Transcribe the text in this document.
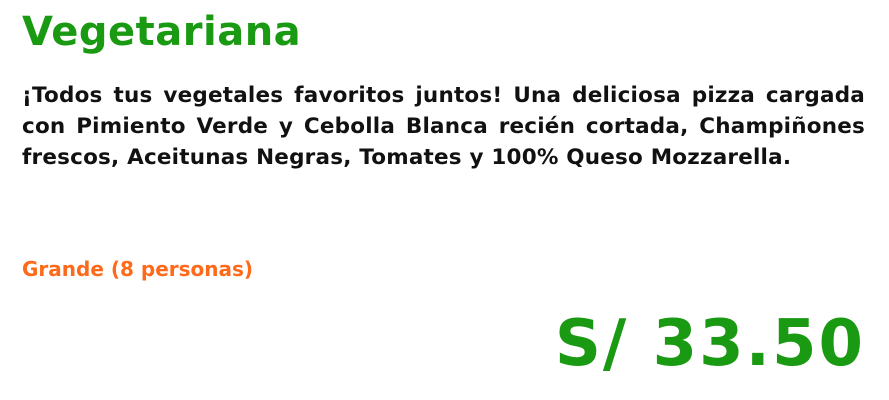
Vegetariana

¡Todos tus vegetales favoritos juntos! Una deliciosa pizza cargada con Pimiento Verde y Cebolla Blanca recién cortada, Champiñones frescos, Aceitunas Negras, Tomates y 100% Queso Mozzarella.

Grande (8 personas)
S/ 33.50
